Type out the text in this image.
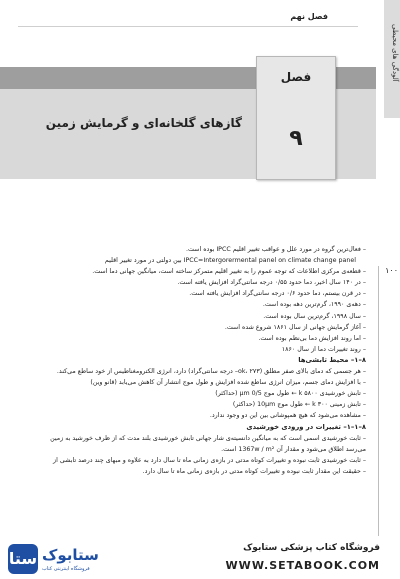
فصل نهم
آلودگی های محیطی
فصل
۹
گازهای گلخانه‌ای و گرمایش زمین
۱۰۰

– فعال‌ترین گروه در مورد علل و عواقب تغییر اقلیم IPCC بوده است.

IPCC=Intergorermental panel on climate change panel بین دولتی در مورد تغییر اقلیم

– قطعه‌ی مرکزی اطلاعات که توجه عموم را به تغییر اقلیم متمرکز ساخته است، میانگین جهانی دما است.

– در ۱۴۰ سال اخیر، دما حدود ۰/۵۵ درجه سانتی‌گراد افزایش یافته است.

– در قرن بیستم، دما حدود ۰/۶ درجه سانتی‌گراد افزایش یافته است.

– دهه‌ی ۱۹۹۰، گرم‌ترین دهه بوده است.

– سال ۱۹۹۸، گرم‌ترین سال بوده است.

– آغاز گرمایش جهانی از سال ۱۸۶۱ شروع شده است.

– اما روند افزایش دما بی‌نظم بوده است.

– روند تغییرات دما از سال ۱۸۶۰

۸–۱– محیط تابشی‌ها

– هر جسمی که دمای بالای صفر مطلق (ok، ۲۷۳– درجه سانتی‌گراد) دارد، انرژی الکترومغناطیس از خود ساطع می‌کند.

– با افزایش دمای جسم، میزان انرژی ساطع شده افزایش و طول موج انتشار آن کاهش می‌یابد (قانو وین)

– تابش خورشیدی k ۵۸۰۰ ← طول موج 0/5 µm (حداکثر)

– تابش زمینی k ۳۰۰ ← طول موج 10µm (حداکثر)

– مشاهده می‌شود که هیچ همپوشانی بین این دو وجود ندارد.

۸–۱–۱– تغییرات در ورودی خورشیدی

– ثابت خورشیدی اسمی است که به میانگین دانسیته‌ی شار جهانی تابش خورشیدی بلند مدت که از ظرف خورشید به زمین

می‌رسد اطلاق می‌شود و مقدار آن 1367w / m² است.

– ثابت خورشیدی ثابت نبوده و تغییرات کوتاه مدتی در بازه‌ی زمانی ماه تا سال دارد به علاوه و مبهای چند درصد تابشی از

– حقیقت این مقدار ثابت نبوده و تغییرات کوتاه مدتی در بازه‌ی زمانی ماه تا سال دارد.

ستا ستابوک
فروشگاه اینترنتی کتاب
فروشگاه کتاب پزشکی ستابوک
WWW.SETABOOK.COM
